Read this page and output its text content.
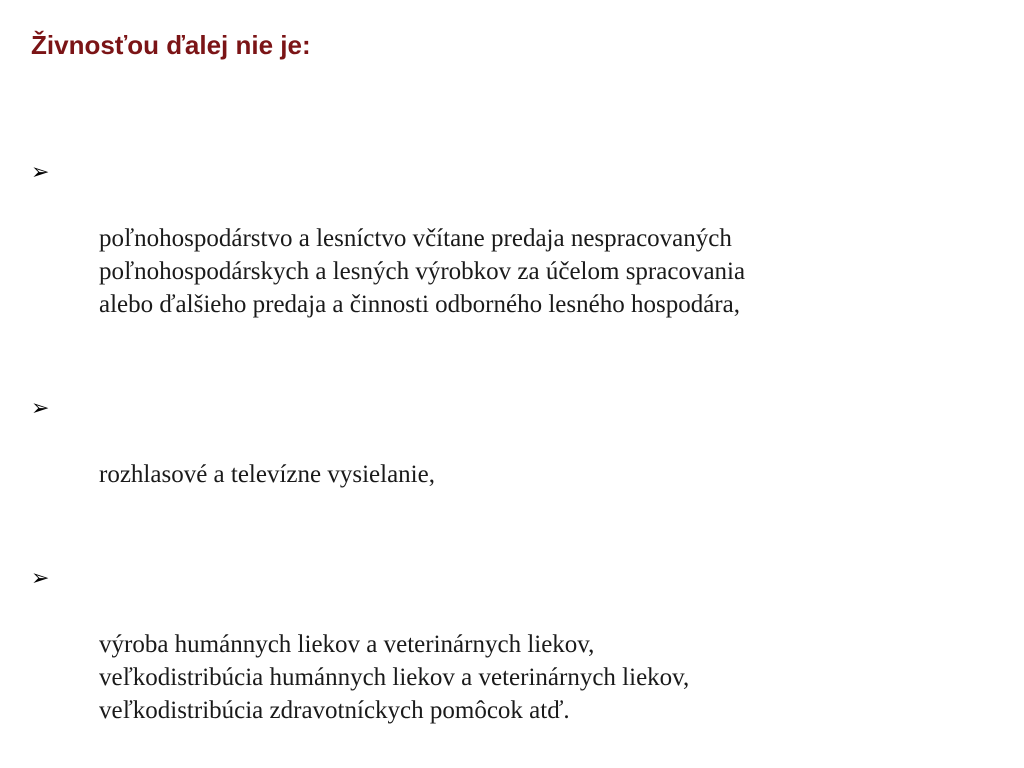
Živnosťou ďalej nie je:

➢

poľnohospodárstvo a lesníctvo včítane predaja nespracovaných
poľnohospodárskych a lesných výrobkov za účelom spracovania
alebo ďalšieho predaja a činnosti odborného lesného hospodára,

➢

rozhlasové a televízne vysielanie,

➢

výroba humánnych liekov a veterinárnych liekov,
veľkodistribúcia humánnych liekov a veterinárnych liekov,
veľkodistribúcia zdravotníckych pomôcok atď.
